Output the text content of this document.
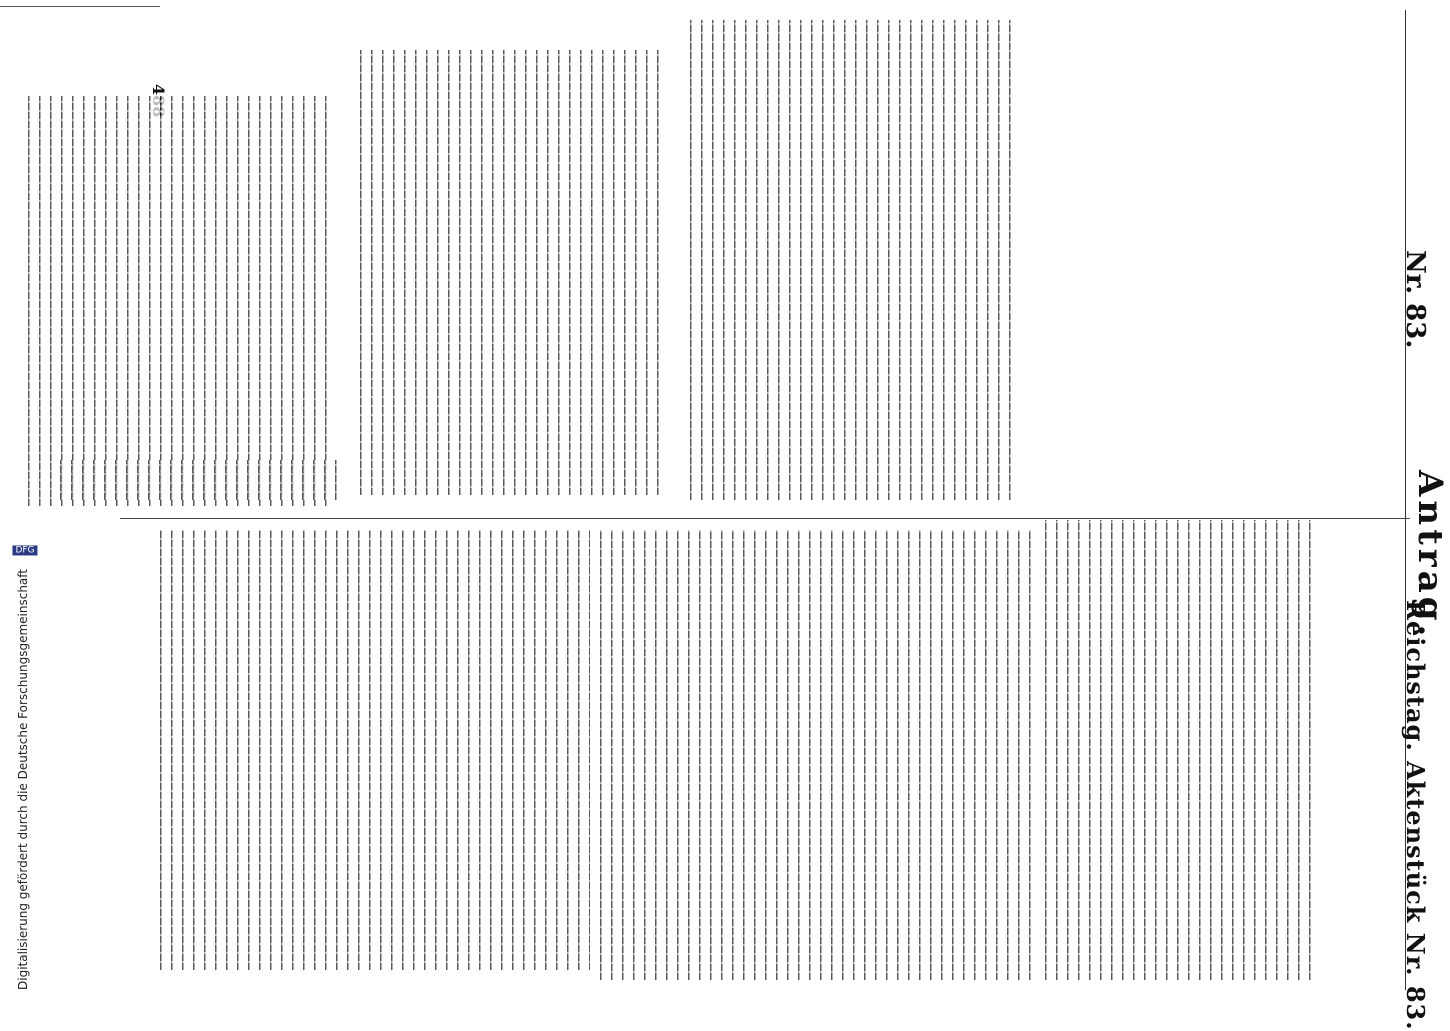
Reichstag. Aktenstück Nr. 83.
Nr. 83.
Antrag.
Digitalisierung gefördert durch die Deutsche ForschungsgemeinschaftDFG
